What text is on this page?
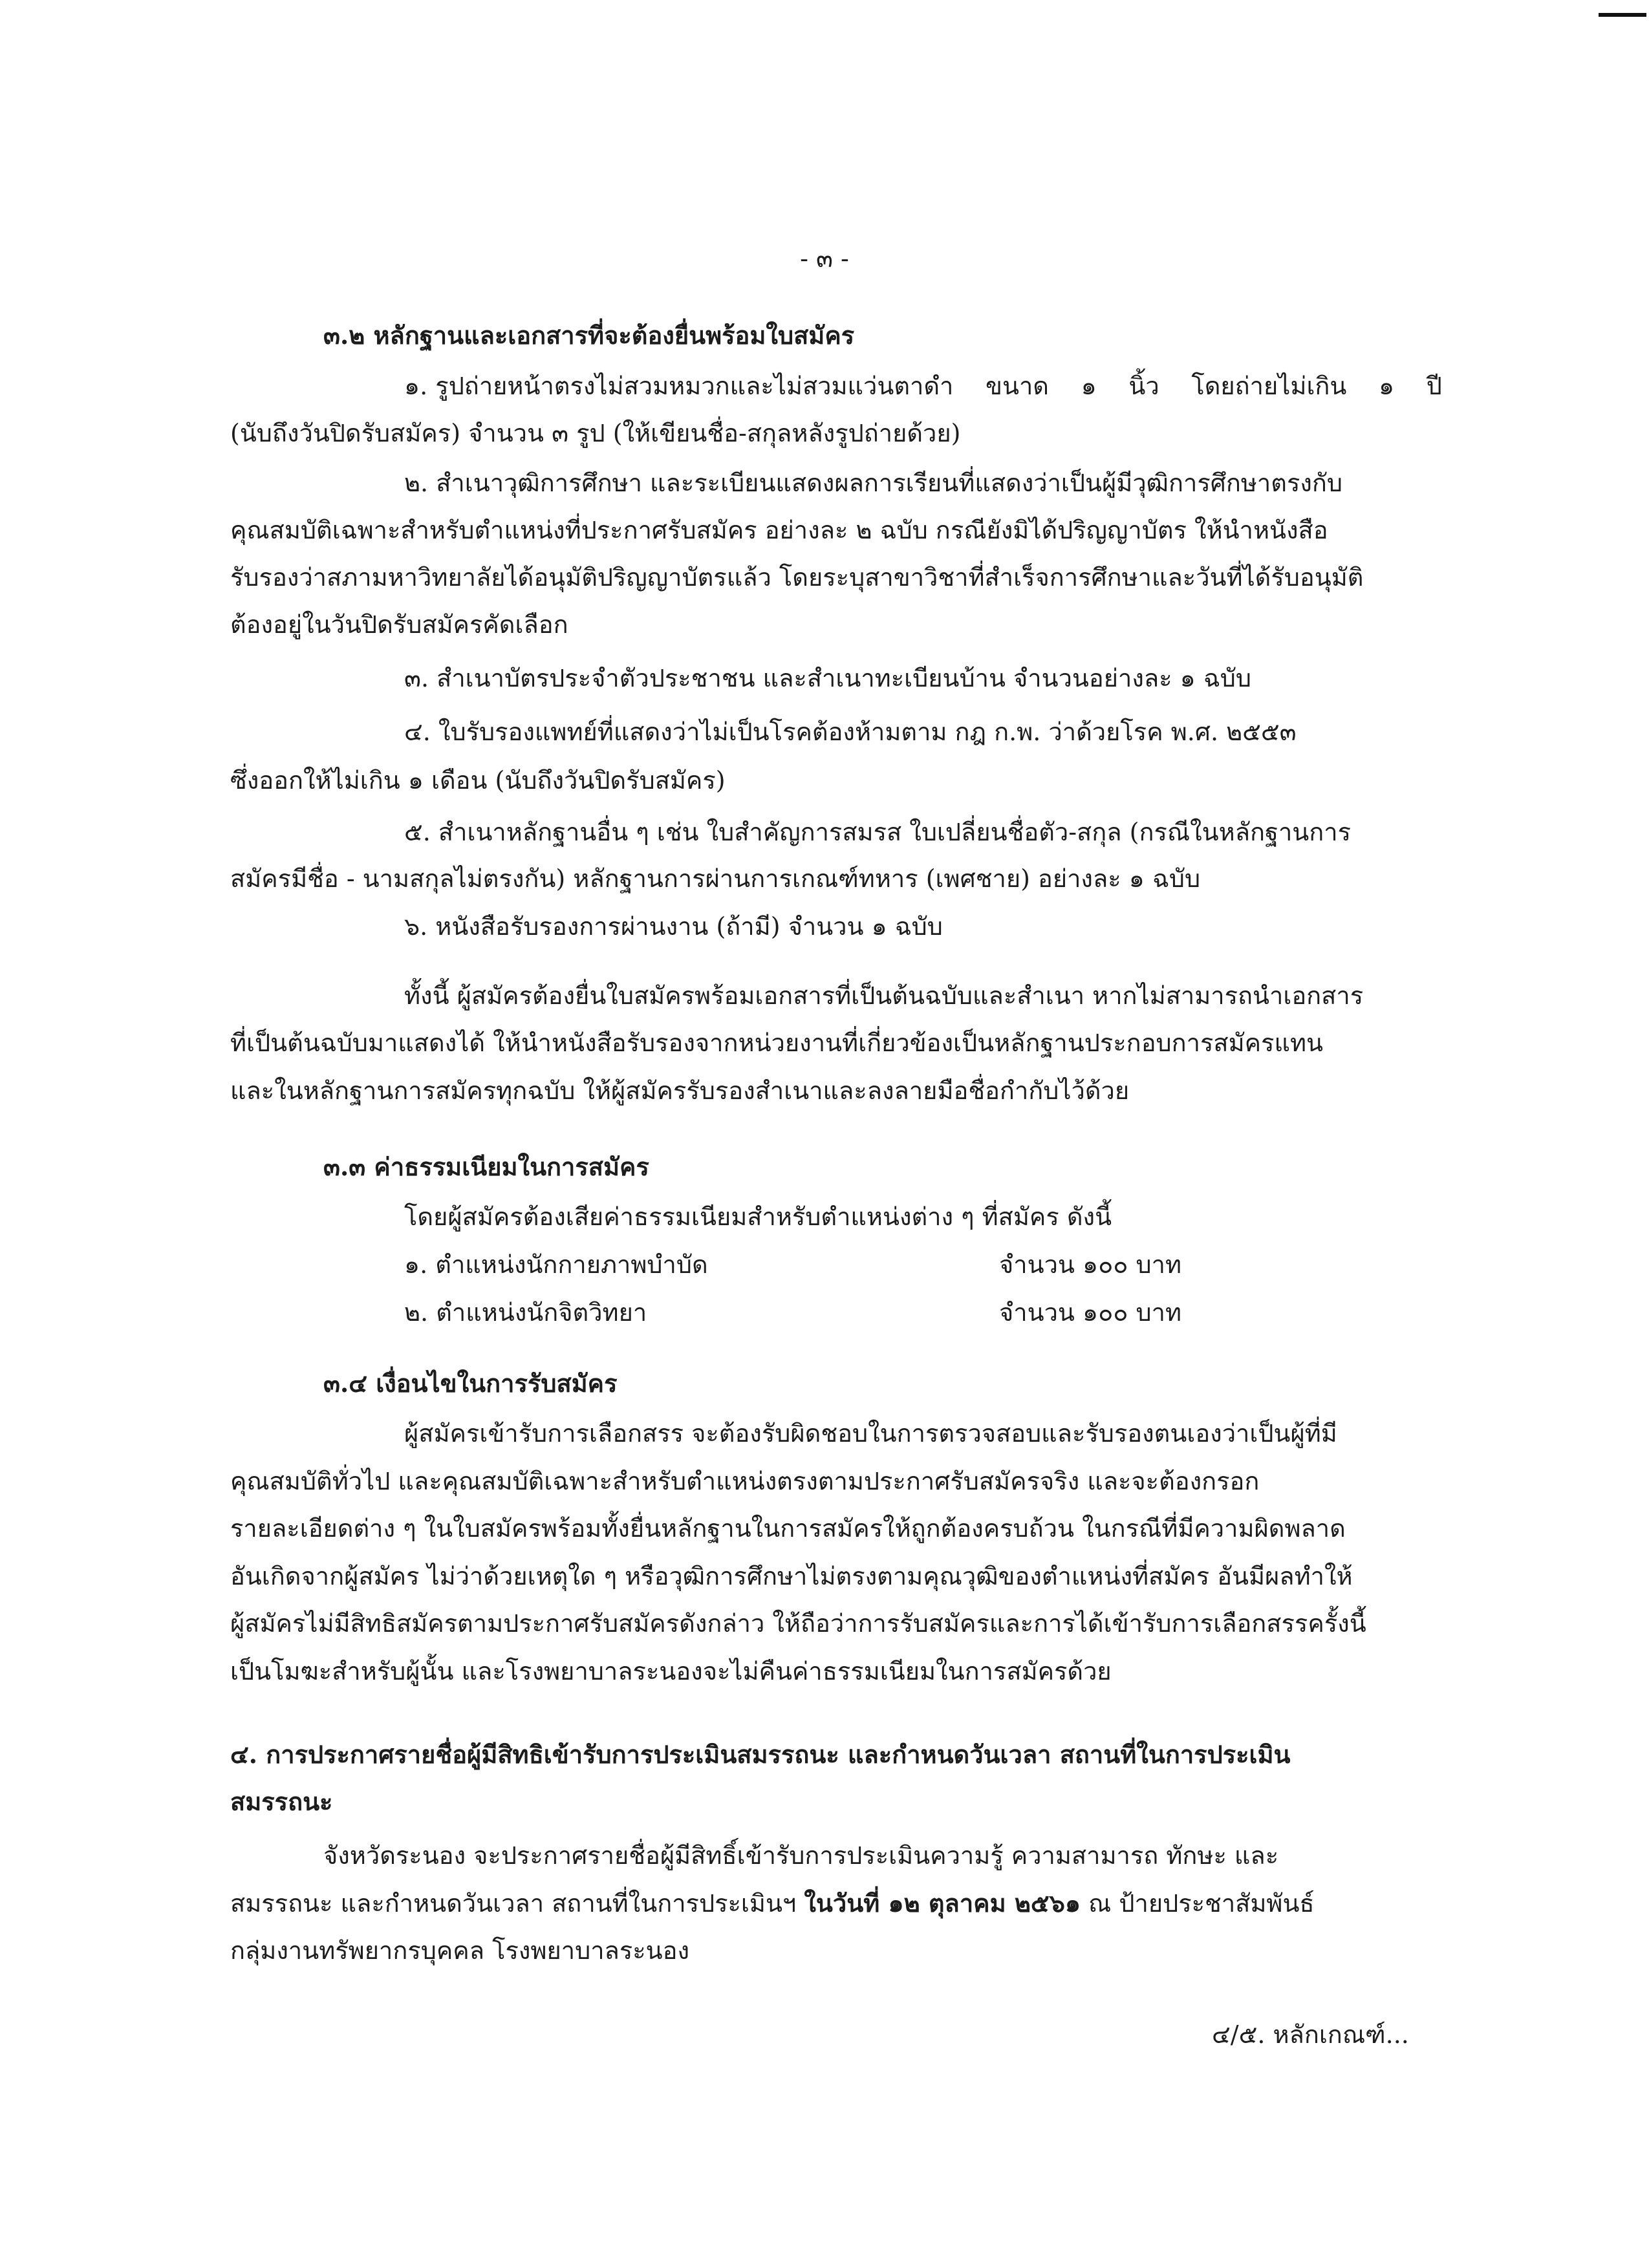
- ๓ -

๓.๒ หลักฐานและเอกสารที่จะต้องยื่นพร้อมใบสมัคร

๑. รูปถ่ายหน้าตรงไม่สวมหมวกและไม่สวมแว่นตาดำ ขนาด ๑ นิ้ว โดยถ่ายไม่เกิน ๑ ปี

(นับถึงวันปิดรับสมัคร) จำนวน ๓ รูป (ให้เขียนชื่อ-สกุลหลังรูปถ่ายด้วย)

๒. สำเนาวุฒิการศึกษา และระเบียนแสดงผลการเรียนที่แสดงว่าเป็นผู้มีวุฒิการศึกษาตรงกับ

คุณสมบัติเฉพาะสำหรับตำแหน่งที่ประกาศรับสมัคร อย่างละ ๒ ฉบับ กรณียังมิได้ปริญญาบัตร ให้นำหนังสือ

รับรองว่าสภามหาวิทยาลัยได้อนุมัติปริญญาบัตรแล้ว โดยระบุสาขาวิชาที่สำเร็จการศึกษาและวันที่ได้รับอนุมัติ

ต้องอยู่ในวันปิดรับสมัครคัดเลือก

๓. สำเนาบัตรประจำตัวประชาชน และสำเนาทะเบียนบ้าน จำนวนอย่างละ ๑ ฉบับ

๔. ใบรับรองแพทย์ที่แสดงว่าไม่เป็นโรคต้องห้ามตาม กฎ ก.พ. ว่าด้วยโรค พ.ศ. ๒๕๕๓

ซึ่งออกให้ไม่เกิน ๑ เดือน (นับถึงวันปิดรับสมัคร)

๕. สำเนาหลักฐานอื่น ๆ เช่น ใบสำคัญการสมรส ใบเปลี่ยนชื่อตัว-สกุล (กรณีในหลักฐานการ

สมัครมีชื่อ - นามสกุลไม่ตรงกัน) หลักฐานการผ่านการเกณฑ์ทหาร (เพศชาย) อย่างละ ๑ ฉบับ

๖. หนังสือรับรองการผ่านงาน (ถ้ามี) จำนวน ๑ ฉบับ

ทั้งนี้ ผู้สมัครต้องยื่นใบสมัครพร้อมเอกสารที่เป็นต้นฉบับและสำเนา หากไม่สามารถนำเอกสาร

ที่เป็นต้นฉบับมาแสดงได้ ให้นำหนังสือรับรองจากหน่วยงานที่เกี่ยวข้องเป็นหลักฐานประกอบการสมัครแทน

และในหลักฐานการสมัครทุกฉบับ ให้ผู้สมัครรับรองสำเนาและลงลายมือชื่อกำกับไว้ด้วย

๓.๓ ค่าธรรมเนียมในการสมัคร

โดยผู้สมัครต้องเสียค่าธรรมเนียมสำหรับตำแหน่งต่าง ๆ ที่สมัคร ดังนี้

๑. ตำแหน่งนักกายภาพบำบัด	จำนวน ๑๐๐ บาท

๒. ตำแหน่งนักจิตวิทยา	จำนวน ๑๐๐ บาท

๓.๔ เงื่อนไขในการรับสมัคร

ผู้สมัครเข้ารับการเลือกสรร จะต้องรับผิดชอบในการตรวจสอบและรับรองตนเองว่าเป็นผู้ที่มี

คุณสมบัติทั่วไป และคุณสมบัติเฉพาะสำหรับตำแหน่งตรงตามประกาศรับสมัครจริง และจะต้องกรอก

รายละเอียดต่าง ๆ ในใบสมัครพร้อมทั้งยื่นหลักฐานในการสมัครให้ถูกต้องครบถ้วน ในกรณีที่มีความผิดพลาด

อันเกิดจากผู้สมัคร ไม่ว่าด้วยเหตุใด ๆ หรือวุฒิการศึกษาไม่ตรงตามคุณวุฒิของตำแหน่งที่สมัคร อันมีผลทำให้

ผู้สมัครไม่มีสิทธิสมัครตามประกาศรับสมัครดังกล่าว ให้ถือว่าการรับสมัครและการได้เข้ารับการเลือกสรรครั้งนี้

เป็นโมฆะสำหรับผู้นั้น และโรงพยาบาลระนองจะไม่คืนค่าธรรมเนียมในการสมัครด้วย

๔. การประกาศรายชื่อผู้มีสิทธิเข้ารับการประเมินสมรรถนะ และกำหนดวันเวลา สถานที่ในการประเมิน

สมรรถนะ

จังหวัดระนอง จะประกาศรายชื่อผู้มีสิทธิ์เข้ารับการประเมินความรู้ ความสามารถ ทักษะ และ

สมรรถนะ และกำหนดวันเวลา สถานที่ในการประเมินฯ ในวันที่ ๑๒ ตุลาคม ๒๕๖๑ ณ ป้ายประชาสัมพันธ์

กลุ่มงานทรัพยากรบุคคล โรงพยาบาลระนอง

๔/๕. หลักเกณฑ์...
